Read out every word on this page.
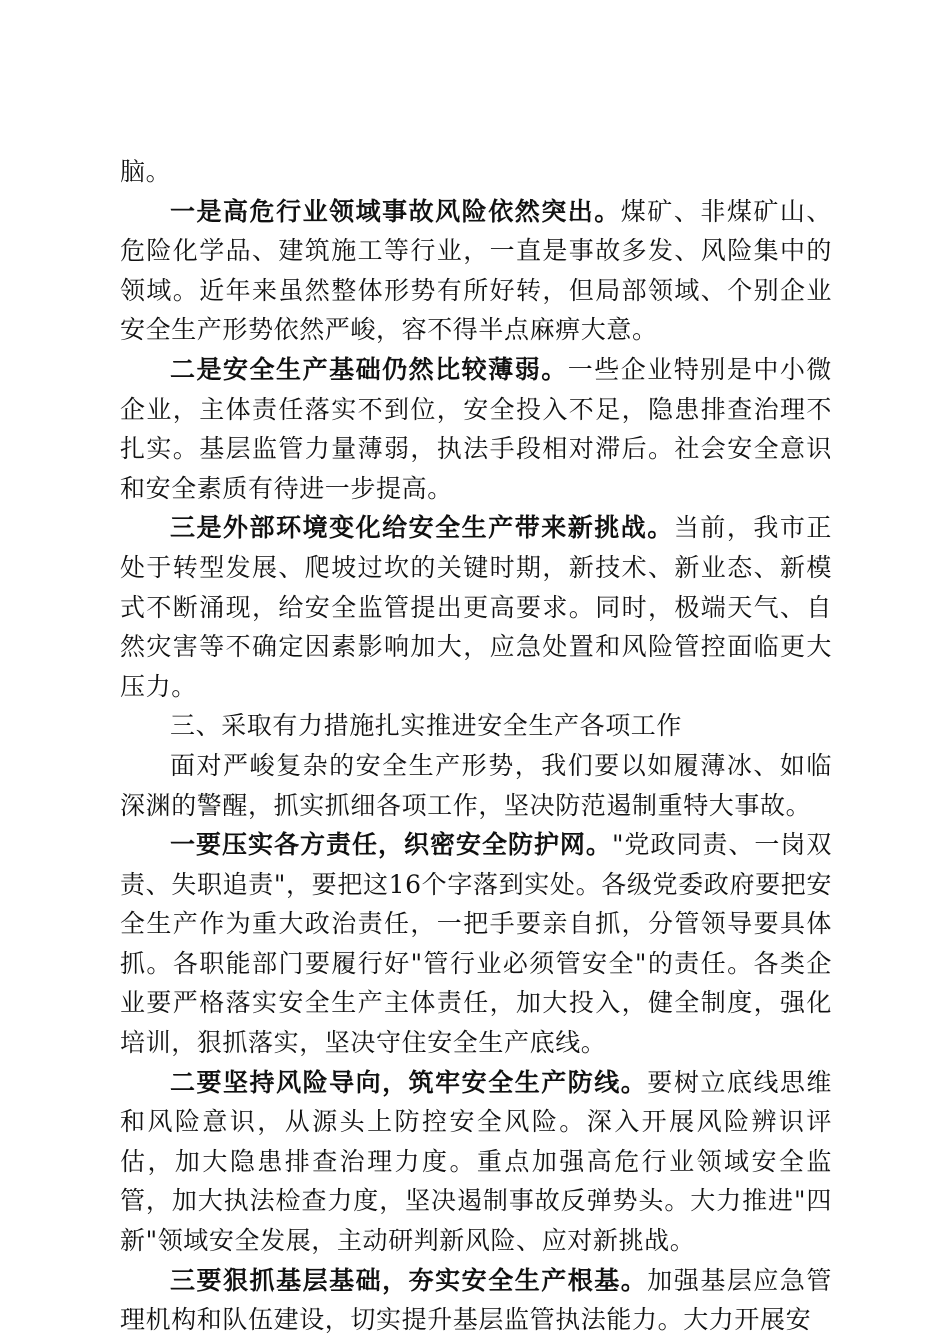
脑。

一是高危行业领域事故风险依然突出。煤矿、非煤矿山、危险化学品、建筑施工等行业，一直是事故多发、风险集中的领域。近年来虽然整体形势有所好转，但局部领域、个别企业安全生产形势依然严峻，容不得半点麻痹大意。

二是安全生产基础仍然比较薄弱。一些企业特别是中小微企业，主体责任落实不到位，安全投入不足，隐患排查治理不扎实。基层监管力量薄弱，执法手段相对滞后。社会安全意识和安全素质有待进一步提高。

三是外部环境变化给安全生产带来新挑战。当前，我市正处于转型发展、爬坡过坎的关键时期，新技术、新业态、新模式不断涌现，给安全监管提出更高要求。同时，极端天气、自然灾害等不确定因素影响加大，应急处置和风险管控面临更大压力。

三、采取有力措施扎实推进安全生产各项工作

面对严峻复杂的安全生产形势，我们要以如履薄冰、如临深渊的警醒，抓实抓细各项工作，坚决防范遏制重特大事故。

一要压实各方责任，织密安全防护网。"党政同责、一岗双责、失职追责"，要把这16个字落到实处。各级党委政府要把安全生产作为重大政治责任，一把手要亲自抓，分管领导要具体抓。各职能部门要履行好"管行业必须管安全"的责任。各类企业要严格落实安全生产主体责任，加大投入，健全制度，强化培训，狠抓落实，坚决守住安全生产底线。

二要坚持风险导向，筑牢安全生产防线。要树立底线思维和风险意识，从源头上防控安全风险。深入开展风险辨识评估，加大隐患排查治理力度。重点加强高危行业领域安全监管，加大执法检查力度，坚决遏制事故反弹势头。大力推进"四新"领域安全发展，主动研判新风险、应对新挑战。

三要狠抓基层基础，夯实安全生产根基。加强基层应急管理机构和队伍建设，切实提升基层监管执法能力。大力开展安
